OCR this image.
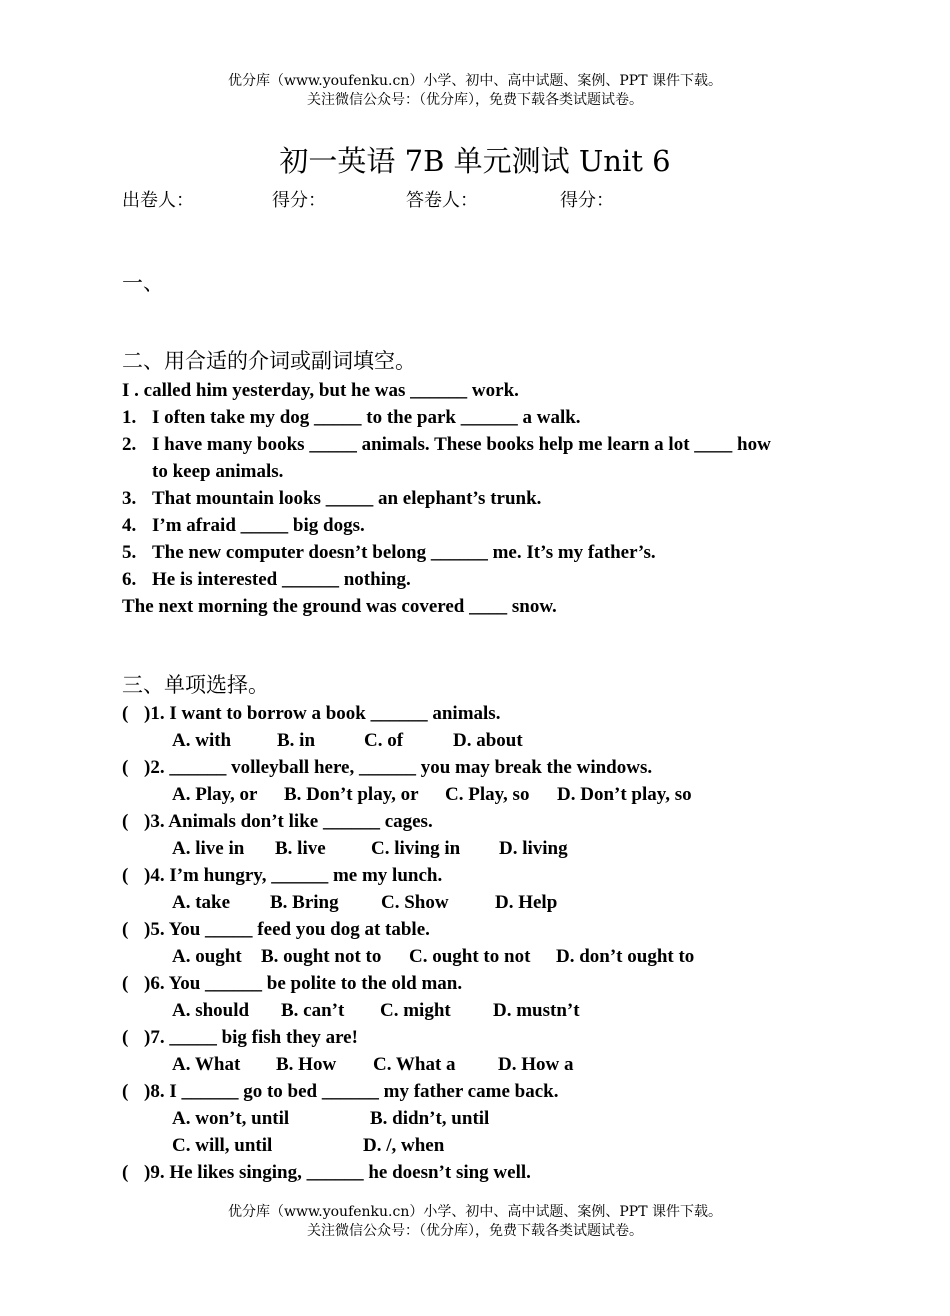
优分库（www.youfenku.cn）小学、初中、高中试题、案例、PPT 课件下载。
关注微信公众号：（优分库），免费下载各类试题试卷。
初一英语 7B 单元测试 Unit 6
出卷人：	得分：	答卷人：	得分：
一、
二、用合适的介词或副词填空。
I . called him yesterday, but he was ______ work.
1. I often take my dog _____ to the park ______ a walk.
2. I have many books _____ animals. These books help me learn a lot ____ how
to keep animals.
3. That mountain looks _____ an elephant’s trunk.
4. I’m afraid _____ big dogs.
5. The new computer doesn’t belong ______ me. It’s my father’s.
6. He is interested ______ nothing.
The next morning the ground was covered ____ snow.
三、单项选择。
( )1. I want to borrow a book ______ animals.
A. with B. in	C. of	D. about
( )2. ______ volleyball here, ______ you may break the windows.
A. Play, or B. Don’t play, or C. Play, so D. Don’t play, so
( )3. Animals don’t like ______ cages.
A. live in B. live C. living in D. living
( )4. I’m hungry, ______ me my lunch.
A. take B. Bring C. Show D. Help
( )5. You _____ feed you dog at table.
A. ought B. ought not to C. ought to not D. don’t ought to
( )6. You ______ be polite to the old man.
A. should B. can’t C. might D. mustn’t
( )7. _____ big fish they are!
A. What B. How C. What a D. How a
( )8. I ______ go to bed ______ my father came back.
A. won’t, until	B. didn’t, until
C. will, until	D. /, when
( )9. He likes singing, ______ he doesn’t sing well.
优分库（www.youfenku.cn）小学、初中、高中试题、案例、PPT 课件下载。
关注微信公众号：（优分库），免费下载各类试题试卷。
